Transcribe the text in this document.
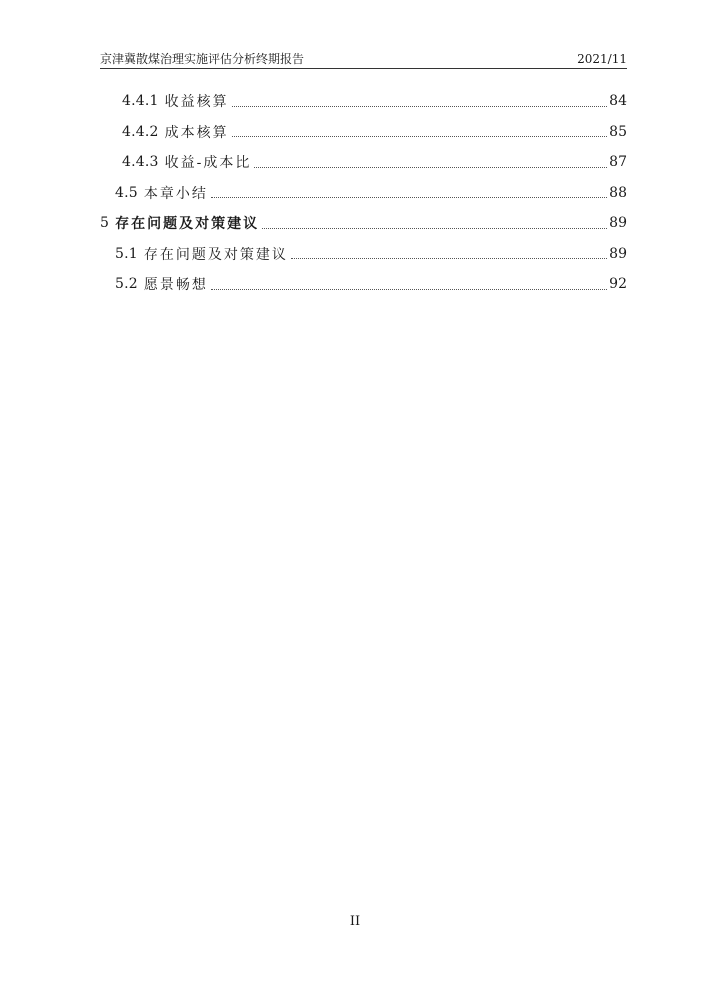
京津冀散煤治理实施评估分析终期报告	2021/11
4.4.1 收益核算	84
4.4.2 成本核算	85
4.4.3 收益-成本比	87
4.5 本章小结	88
5 存在问题及对策建议	89
5.1 存在问题及对策建议	89
5.2 愿景畅想	92
II
